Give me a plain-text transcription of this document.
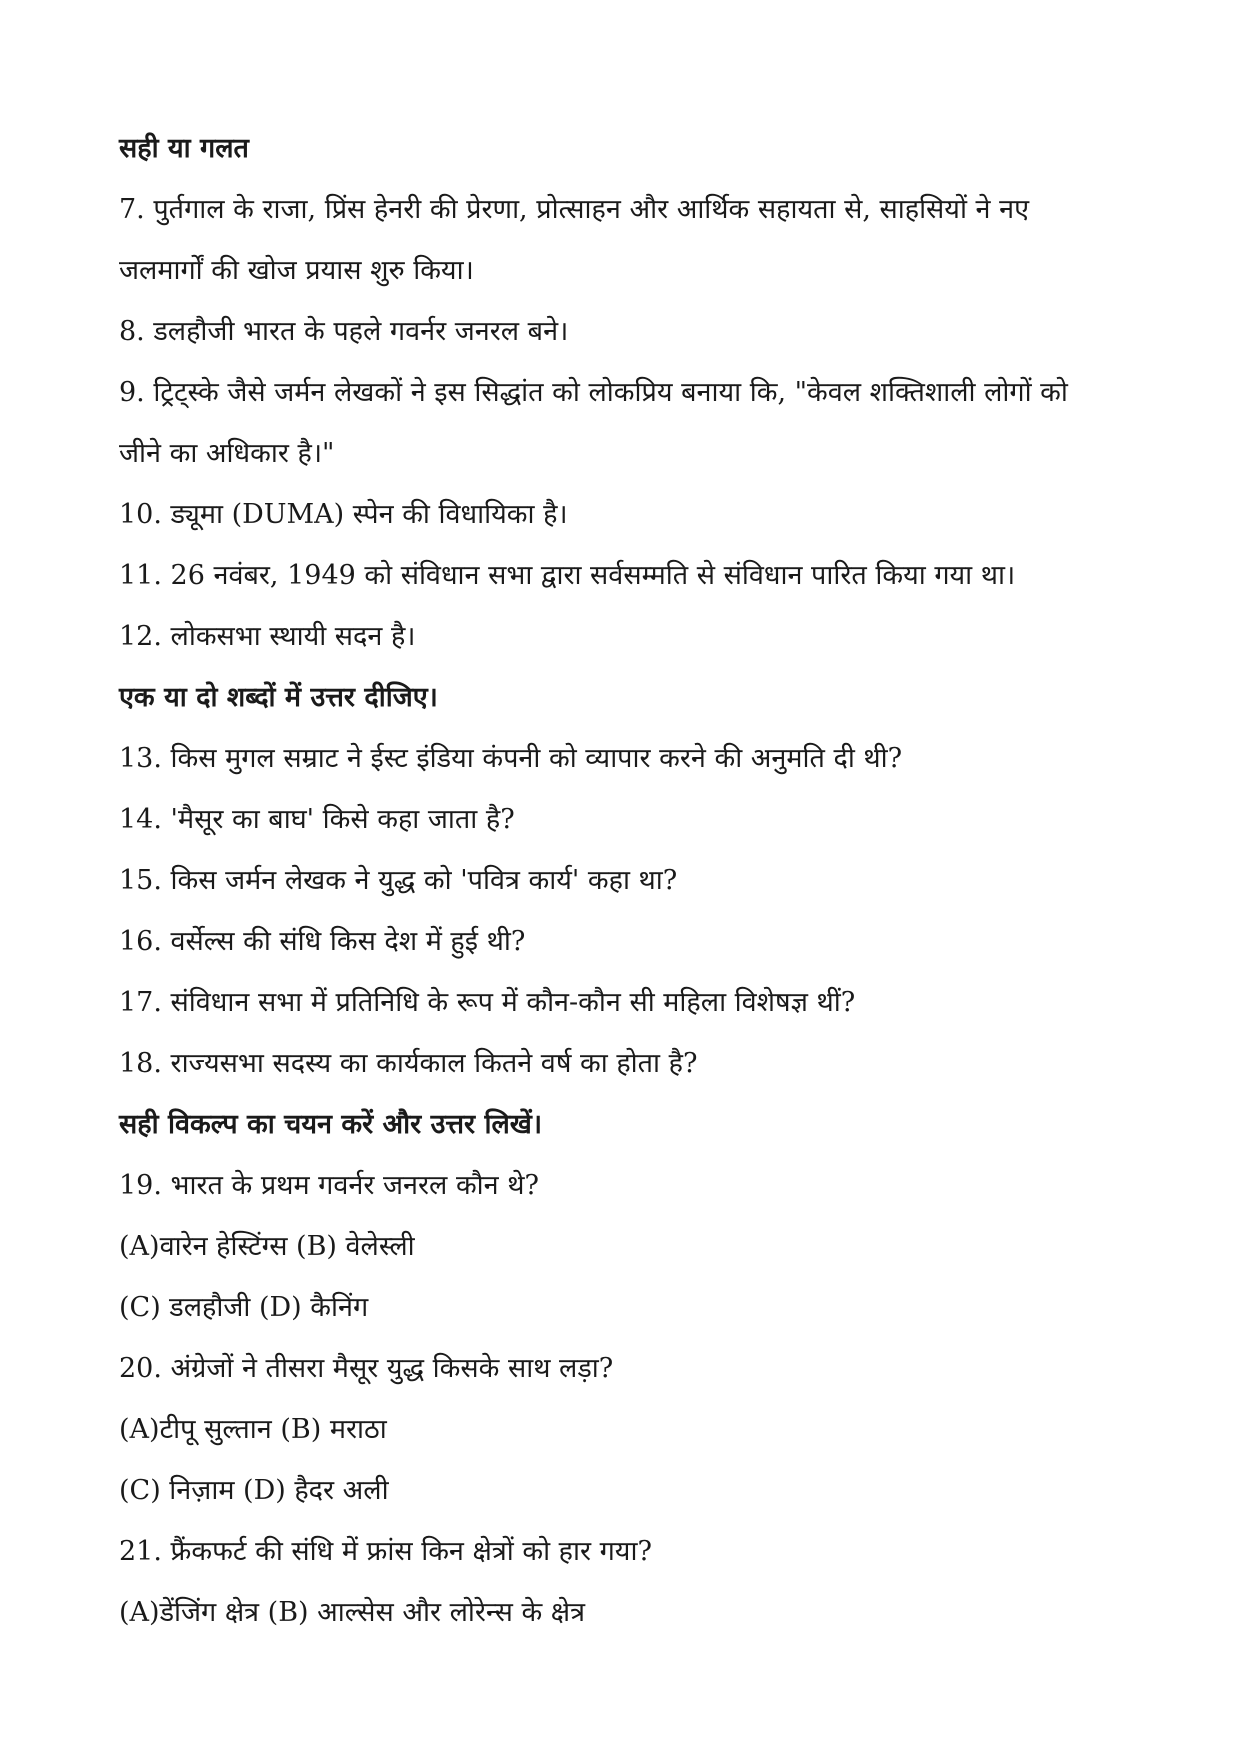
सही या गलत

7. पुर्तगाल के राजा, प्रिंस हेनरी की प्रेरणा, प्रोत्साहन और आर्थिक सहायता से, साहसियों ने नए

जलमार्गों की खोज प्रयास शुरु किया।

8. डलहौजी भारत के पहले गवर्नर जनरल बने।

9. ट्रिट्स्के जैसे जर्मन लेखकों ने इस सिद्धांत को लोकप्रिय बनाया कि, "केवल शक्तिशाली लोगों को

जीने का अधिकार है।"

10. ड्यूमा (DUMA) स्पेन की विधायिका है।

11. 26 नवंबर, 1949 को संविधान सभा द्वारा सर्वसम्मति से संविधान पारित किया गया था।

12. लोकसभा स्थायी सदन है।

एक या दो शब्दों में उत्तर दीजिए।

13. किस मुगल सम्राट ने ईस्ट इंडिया कंपनी को व्यापार करने की अनुमति दी थी?

14. 'मैसूर का बाघ' किसे कहा जाता है?

15. किस जर्मन लेखक ने युद्ध को 'पवित्र कार्य' कहा था?

16. वर्सेल्स की संधि किस देश में हुई थी?

17. संविधान सभा में प्रतिनिधि के रूप में कौन-कौन सी महिला विशेषज्ञ थीं?

18. राज्यसभा सदस्य का कार्यकाल कितने वर्ष का होता है?

सही विकल्प का चयन करें और उत्तर लिखें।

19. भारत के प्रथम गवर्नर जनरल कौन थे?

(A)वारेन हेस्टिंग्स (B) वेलेस्ली

(C) डलहौजी (D) कैनिंग

20. अंग्रेजों ने तीसरा मैसूर युद्ध किसके साथ लड़ा?

(A)टीपू सुल्तान (B) मराठा

(C) निज़ाम (D) हैदर अली

21. फ्रैंकफर्ट की संधि में फ्रांस किन क्षेत्रों को हार गया?

(A)डेंजिंग क्षेत्र (B) आल्सेस और लोरेन्स के क्षेत्र
